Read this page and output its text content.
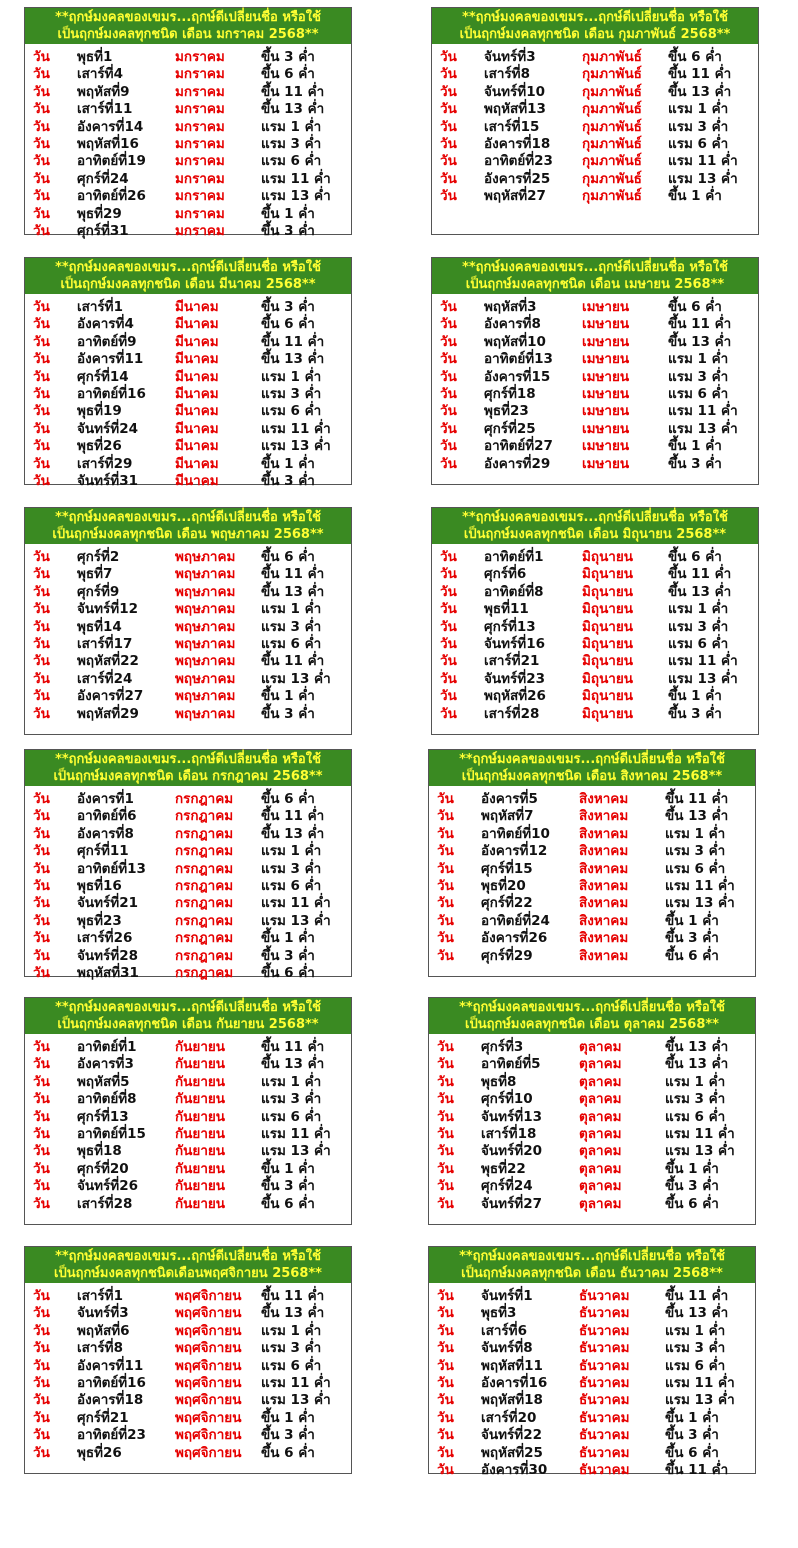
**ฤกษ์มงคลของเขมร...ฤกษ์ดีเปลี่ยนชื่อ หรือใช้
เป็นฤกษ์มงคลทุกชนิด เดือน มกราคม 2568**
วัน พุธที่1	มกราคม	ขึ้น 3 ค่ำ
วัน เสาร์ที่4	มกราคม	ขึ้น 6 ค่ำ
วัน พฤหัสที่9	มกราคม	ขึ้น 11 ค่ำ
วัน เสาร์ที่11	มกราคม	ขึ้น 13 ค่ำ
วัน อังคารที่14 มกราคม	แรม 1 ค่ำ
วัน พฤหัสที่16	มกราคม	แรม 3 ค่ำ
วัน อาทิตย์ที่19 มกราคม	แรม 6 ค่ำ
วัน ศุกร์ที่24	มกราคม	แรม 11 ค่ำ
วัน อาทิตย์ที่26 มกราคม	แรม 13 ค่ำ
วัน พุธที่29	มกราคม	ขึ้น 1 ค่ำ
วัน ศุกร์ที่31	มกราคม	ขึ้น 3 ค่ำ
**ฤกษ์มงคลของเขมร...ฤกษ์ดีเปลี่ยนชื่อ หรือใช้
เป็นฤกษ์มงคลทุกชนิด เดือน กุมภาพันธ์ 2568**
วัน จันทร์ที่3	กุมภาพันธ์ ขึ้น 6 ค่ำ
วัน เสาร์ที่8	กุมภาพันธ์ ขึ้น 11 ค่ำ
วัน จันทร์ที่10	กุมภาพันธ์ ขึ้น 13 ค่ำ
วัน พฤหัสที่13	กุมภาพันธ์ แรม 1 ค่ำ
วัน เสาร์ที่15	กุมภาพันธ์ แรม 3 ค่ำ
วัน อังคารที่18 กุมภาพันธ์ แรม 6 ค่ำ
วัน อาทิตย์ที่23 กุมภาพันธ์ แรม 11 ค่ำ
วัน อังคารที่25 กุมภาพันธ์ แรม 13 ค่ำ
วัน พฤหัสที่27	กุมภาพันธ์ ขึ้น 1 ค่ำ
**ฤกษ์มงคลของเขมร...ฤกษ์ดีเปลี่ยนชื่อ หรือใช้
เป็นฤกษ์มงคลทุกชนิด เดือน มีนาคม 2568**
วัน เสาร์ที่1	มีนาคม	ขึ้น 3 ค่ำ
วัน อังคารที่4	มีนาคม	ขึ้น 6 ค่ำ
วัน อาทิตย์ที่9	มีนาคม	ขึ้น 11 ค่ำ
วัน อังคารที่11 มีนาคม	ขึ้น 13 ค่ำ
วัน ศุกร์ที่14	มีนาคม	แรม 1 ค่ำ
วัน อาทิตย์ที่16 มีนาคม	แรม 3 ค่ำ
วัน พุธที่19	มีนาคม	แรม 6 ค่ำ
วัน จันทร์ที่24	มีนาคม	แรม 11 ค่ำ
วัน พุธที่26	มีนาคม	แรม 13 ค่ำ
วัน เสาร์ที่29	มีนาคม	ขึ้น 1 ค่ำ
วัน จันทร์ที่31	มีนาคม	ขึ้น 3 ค่ำ
**ฤกษ์มงคลของเขมร...ฤกษ์ดีเปลี่ยนชื่อ หรือใช้
เป็นฤกษ์มงคลทุกชนิด เดือน เมษายน 2568**
วัน พฤหัสที่3	เมษายน	ขึ้น 6 ค่ำ
วัน อังคารที่8	เมษายน	ขึ้น 11 ค่ำ
วัน พฤหัสที่10	เมษายน	ขึ้น 13 ค่ำ
วัน อาทิตย์ที่13 เมษายน	แรม 1 ค่ำ
วัน อังคารที่15 เมษายน	แรม 3 ค่ำ
วัน ศุกร์ที่18	เมษายน	แรม 6 ค่ำ
วัน พุธที่23	เมษายน	แรม 11 ค่ำ
วัน ศุกร์ที่25	เมษายน	แรม 13 ค่ำ
วัน อาทิตย์ที่27 เมษายน	ขึ้น 1 ค่ำ
วัน อังคารที่29 เมษายน	ขึ้น 3 ค่ำ
**ฤกษ์มงคลของเขมร...ฤกษ์ดีเปลี่ยนชื่อ หรือใช้
เป็นฤกษ์มงคลทุกชนิด เดือน พฤษภาคม 2568**
วัน ศุกร์ที่2	พฤษภาคม ขึ้น 6 ค่ำ
วัน พุธที่7	พฤษภาคม ขึ้น 11 ค่ำ
วัน ศุกร์ที่9	พฤษภาคม ขึ้น 13 ค่ำ
วัน จันทร์ที่12	พฤษภาคม แรม 1 ค่ำ
วัน พุธที่14	พฤษภาคม แรม 3 ค่ำ
วัน เสาร์ที่17	พฤษภาคม แรม 6 ค่ำ
วัน พฤหัสที่22	พฤษภาคม ขึ้น 11 ค่ำ
วัน เสาร์ที่24	พฤษภาคม แรม 13 ค่ำ
วัน อังคารที่27 พฤษภาคม ขึ้น 1 ค่ำ
วัน พฤหัสที่29	พฤษภาคม ขึ้น 3 ค่ำ
**ฤกษ์มงคลของเขมร...ฤกษ์ดีเปลี่ยนชื่อ หรือใช้
เป็นฤกษ์มงคลทุกชนิด เดือน มิถุนายน 2568**
วัน อาทิตย์ที่1	มิถุนายน	ขึ้น 6 ค่ำ
วัน ศุกร์ที่6	มิถุนายน	ขึ้น 11 ค่ำ
วัน อาทิตย์ที่8	มิถุนายน	ขึ้น 13 ค่ำ
วัน พุธที่11	มิถุนายน	แรม 1 ค่ำ
วัน ศุกร์ที่13	มิถุนายน	แรม 3 ค่ำ
วัน จันทร์ที่16	มิถุนายน	แรม 6 ค่ำ
วัน เสาร์ที่21	มิถุนายน	แรม 11 ค่ำ
วัน จันทร์ที่23	มิถุนายน	แรม 13 ค่ำ
วัน พฤหัสที่26	มิถุนายน	ขึ้น 1 ค่ำ
วัน เสาร์ที่28	มิถุนายน	ขึ้น 3 ค่ำ
**ฤกษ์มงคลของเขมร...ฤกษ์ดีเปลี่ยนชื่อ หรือใช้
เป็นฤกษ์มงคลทุกชนิด เดือน กรกฎาคม 2568**
วัน อังคารที่1	กรกฎาคม ขึ้น 6 ค่ำ
วัน อาทิตย์ที่6	กรกฎาคม ขึ้น 11 ค่ำ
วัน อังคารที่8	กรกฎาคม ขึ้น 13 ค่ำ
วัน ศุกร์ที่11	กรกฎาคม แรม 1 ค่ำ
วัน อาทิตย์ที่13 กรกฎาคม แรม 3 ค่ำ
วัน พุธที่16	กรกฎาคม แรม 6 ค่ำ
วัน จันทร์ที่21	กรกฎาคม แรม 11 ค่ำ
วัน พุธที่23	กรกฎาคม แรม 13 ค่ำ
วัน เสาร์ที่26	กรกฎาคม ขึ้น 1 ค่ำ
วัน จันทร์ที่28	กรกฎาคม ขึ้น 3 ค่ำ
วัน พฤหัสที่31	กรกฎาคม ขึ้น 6 ค่ำ
**ฤกษ์มงคลของเขมร...ฤกษ์ดีเปลี่ยนชื่อ หรือใช้
เป็นฤกษ์มงคลทุกชนิด เดือน สิงหาคม 2568**
วัน อังคารที่5	สิงหาคม	ขึ้น 11 ค่ำ
วัน พฤหัสที่7	สิงหาคม	ขึ้น 13 ค่ำ
วัน อาทิตย์ที่10 สิงหาคม	แรม 1 ค่ำ
วัน อังคารที่12 สิงหาคม	แรม 3 ค่ำ
วัน ศุกร์ที่15	สิงหาคม	แรม 6 ค่ำ
วัน พุธที่20	สิงหาคม	แรม 11 ค่ำ
วัน ศุกร์ที่22	สิงหาคม	แรม 13 ค่ำ
วัน อาทิตย์ที่24 สิงหาคม	ขึ้น 1 ค่ำ
วัน อังคารที่26 สิงหาคม	ขึ้น 3 ค่ำ
วัน ศุกร์ที่29	สิงหาคม	ขึ้น 6 ค่ำ
**ฤกษ์มงคลของเขมร...ฤกษ์ดีเปลี่ยนชื่อ หรือใช้
เป็นฤกษ์มงคลทุกชนิด เดือน กันยายน 2568**
วัน อาทิตย์ที่1	กันยายน	ขึ้น 11 ค่ำ
วัน อังคารที่3	กันยายน	ขึ้น 13 ค่ำ
วัน พฤหัสที่5	กันยายน	แรม 1 ค่ำ
วัน อาทิตย์ที่8	กันยายน	แรม 3 ค่ำ
วัน ศุกร์ที่13	กันยายน	แรม 6 ค่ำ
วัน อาทิตย์ที่15 กันยายน	แรม 11 ค่ำ
วัน พุธที่18	กันยายน	แรม 13 ค่ำ
วัน ศุกร์ที่20	กันยายน	ขึ้น 1 ค่ำ
วัน จันทร์ที่26	กันยายน	ขึ้น 3 ค่ำ
วัน เสาร์ที่28	กันยายน	ขึ้น 6 ค่ำ
**ฤกษ์มงคลของเขมร...ฤกษ์ดีเปลี่ยนชื่อ หรือใช้
เป็นฤกษ์มงคลทุกชนิด เดือน ตุลาคม 2568**
วัน ศุกร์ที่3	ตุลาคม	ขึ้น 13 ค่ำ
วัน อาทิตย์ที่5	ตุลาคม	ขึ้น 13 ค่ำ
วัน พุธที่8	ตุลาคม	แรม 1 ค่ำ
วัน ศุกร์ที่10	ตุลาคม	แรม 3 ค่ำ
วัน จันทร์ที่13	ตุลาคม	แรม 6 ค่ำ
วัน เสาร์ที่18	ตุลาคม	แรม 11 ค่ำ
วัน จันทร์ที่20	ตุลาคม	แรม 13 ค่ำ
วัน พุธที่22	ตุลาคม	ขึ้น 1 ค่ำ
วัน ศุกร์ที่24	ตุลาคม	ขึ้น 3 ค่ำ
วัน จันทร์ที่27	ตุลาคม	ขึ้น 6 ค่ำ
**ฤกษ์มงคลของเขมร...ฤกษ์ดีเปลี่ยนชื่อ หรือใช้
เป็นฤกษ์มงคลทุกชนิดเดือนพฤศจิกายน 2568**
วัน เสาร์ที่1	พฤศจิกายน ขึ้น 11 ค่ำ
วัน จันทร์ที่3	พฤศจิกายน ขึ้น 13 ค่ำ
วัน พฤหัสที่6	พฤศจิกายน แรม 1 ค่ำ
วัน เสาร์ที่8	พฤศจิกายน แรม 3 ค่ำ
วัน อังคารที่11 พฤศจิกายน แรม 6 ค่ำ
วัน อาทิตย์ที่16 พฤศจิกายน แรม 11 ค่ำ
วัน อังคารที่18 พฤศจิกายน แรม 13 ค่ำ
วัน ศุกร์ที่21	พฤศจิกายน ขึ้น 1 ค่ำ
วัน อาทิตย์ที่23 พฤศจิกายน ขึ้น 3 ค่ำ
วัน พุธที่26	พฤศจิกายน ขึ้น 6 ค่ำ
**ฤกษ์มงคลของเขมร...ฤกษ์ดีเปลี่ยนชื่อ หรือใช้
เป็นฤกษ์มงคลทุกชนิด เดือน ธันวาคม 2568**
วัน จันทร์ที่1	ธันวาคม	ขึ้น 11 ค่ำ
วัน พุธที่3	ธันวาคม	ขึ้น 13 ค่ำ
วัน เสาร์ที่6	ธันวาคม	แรม 1 ค่ำ
วัน จันทร์ที่8	ธันวาคม	แรม 3 ค่ำ
วัน พฤหัสที่11	ธันวาคม	แรม 6 ค่ำ
วัน อังคารที่16 ธันวาคม	แรม 11 ค่ำ
วัน พฤหัสที่18	ธันวาคม	แรม 13 ค่ำ
วัน เสาร์ที่20	ธันวาคม	ขึ้น 1 ค่ำ
วัน จันทร์ที่22	ธันวาคม	ขึ้น 3 ค่ำ
วัน พฤหัสที่25	ธันวาคม	ขึ้น 6 ค่ำ
วัน อังคารที่30 ธันวาคม	ขึ้น 11 ค่ำ
